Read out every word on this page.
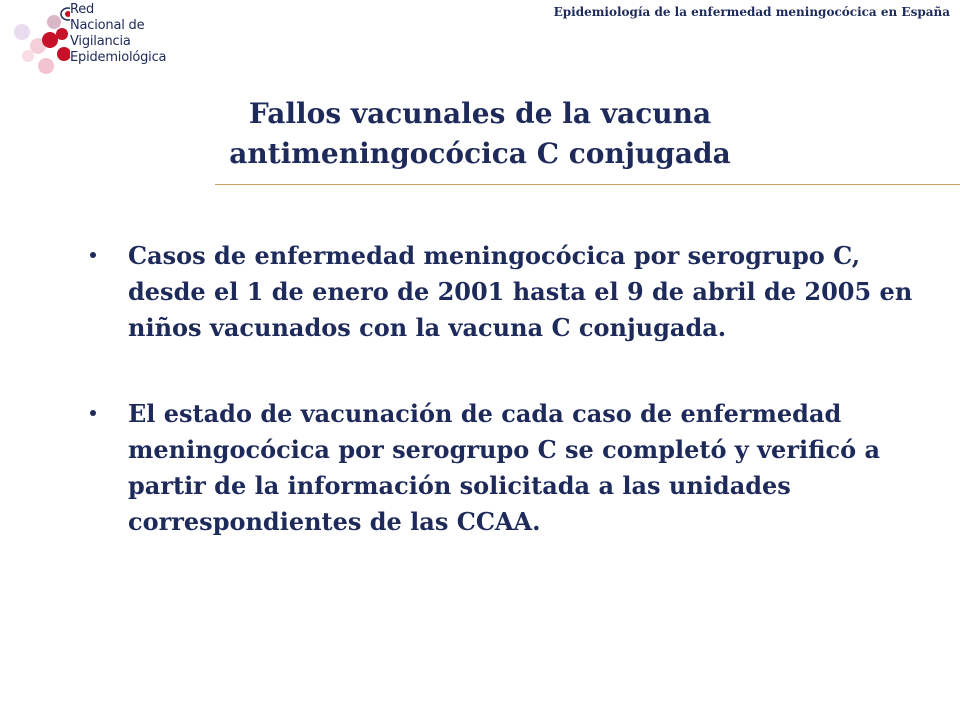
Red
Nacional de
Vigilancia
Epidemiológica
Epidemiología de la enfermedad meningocócica en España
Fallos vacunales de la vacuna
antimeningocócica C conjugada
Casos de enfermedad meningocócica por serogrupo C, desde el 1 de enero de 2001 hasta el 9 de abril de 2005 en niños vacunados con la vacuna C conjugada.
El estado de vacunación de cada caso de enfermedad meningocócica por serogrupo C se completó y verificó a partir de la información solicitada a las unidades correspondientes de las CCAA.
